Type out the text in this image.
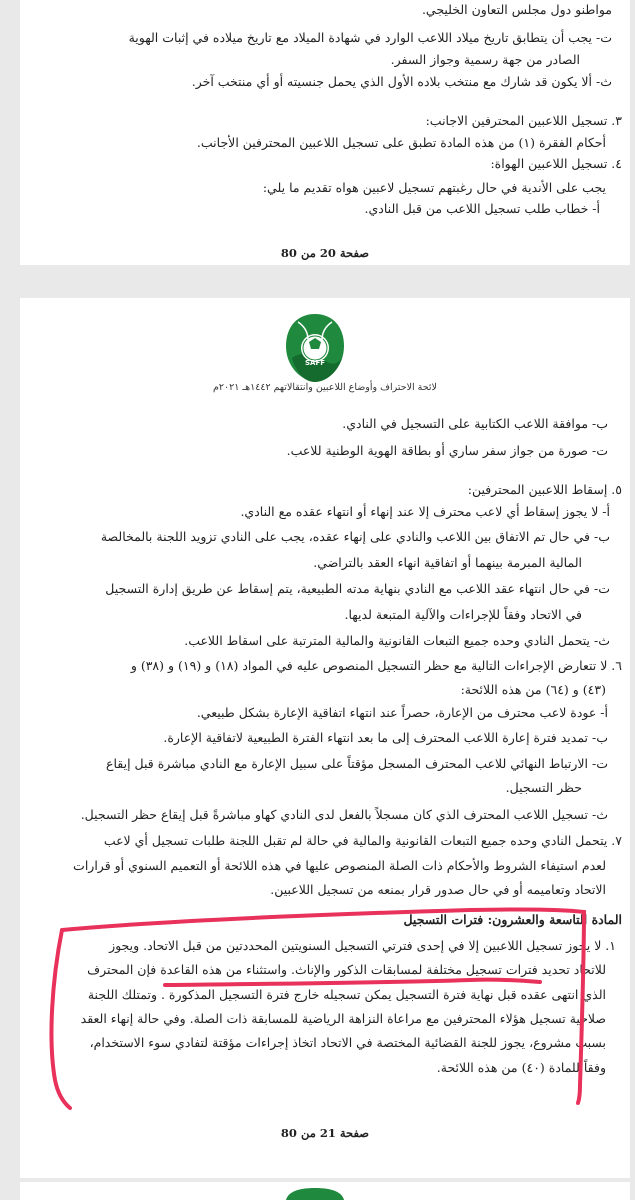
مواطنو دول مجلس التعاون الخليجي.
ت- يجب أن يتطابق تاريخ ميلاد اللاعب الوارد في شهادة الميلاد مع تاريخ ميلاده في إثبات الهوية
الصادر من جهة رسمية وجواز السفر.
ث- ألا يكون قد شارك مع منتخب بلاده الأول الذي يحمل جنسيته أو أي منتخب آخر.
٣. تسجيل اللاعبين المحترفين الاجانب:
أحكام الفقرة (١) من هذه المادة تطبق على تسجيل اللاعبين المحترفين الأجانب.
٤. تسجيل اللاعبين الهواة:
يجب على الأندية في حال رغبتهم تسجيل لاعبين هواه تقديم ما يلي:
أ- خطاب طلب تسجيل اللاعب من قبل النادي.
صفحة 20 من 80
SAFF
لائحة الاحتراف وأوضاع اللاعبين وانتقالاتهم ١٤٤٢هـ ٢٠٢١م
ب- موافقة اللاعب الكتابية على التسجيل في النادي.
ت- صورة من جواز سفر ساري أو بطاقة الهوية الوطنية للاعب.
٥. إسقاط اللاعبين المحترفين:
أ- لا يجوز إسقاط أي لاعب محترف إلا عند إنهاء أو انتهاء عقده مع النادي.
ب- في حال تم الاتفاق بين اللاعب والنادي على إنهاء عقده، يجب على النادي تزويد اللجنة بالمخالصة
المالية المبرمة بينهما أو اتفاقية انهاء العقد بالتراضي.
ت- في حال انتهاء عقد اللاعب مع النادي بنهاية مدته الطبيعية، يتم إسقاط عن طريق إدارة التسجيل
في الاتحاد وفقاً للإجراءات والآلية المتبعة لديها.
ث- يتحمل النادي وحده جميع التبعات القانونية والمالية المترتبة على اسقاط اللاعب.
٦. لا تتعارض الإجراءات التالية مع حظر التسجيل المنصوص عليه في المواد (١٨) و (١٩) و (٣٨) و
(٤٣) و (٦٤) من هذه اللائحة:
أ- عودة لاعب محترف من الإعارة، حصراً عند انتهاء اتفاقية الإعارة بشكل طبيعي.
ب- تمديد فترة إعارة اللاعب المحترف إلى ما بعد انتهاء الفترة الطبيعية لاتفاقية الإعارة.
ت- الارتباط النهائي للاعب المحترف المسجل مؤقتاً على سبيل الإعارة مع النادي مباشرة قبل إيقاع
حظر التسجيل.
ث- تسجيل اللاعب المحترف الذي كان مسجلاً بالفعل لدى النادي كهاو مباشرةً قبل إيقاع حظر التسجيل.
٧. يتحمل النادي وحده جميع التبعات القانونية والمالية في حالة لم تقبل اللجنة طلبات تسجيل أي لاعب
لعدم استيفاء الشروط والأحكام ذات الصلة المنصوص عليها في هذه اللائحة أو التعميم السنوي أو قرارات
الاتحاد وتعاميمه أو في حال صدور قرار بمنعه من تسجيل اللاعبين.
المادة التاسعة والعشرون: فترات التسجيل
١. لا يجوز تسجيل اللاعبين إلا في إحدى فترتي التسجيل السنويتين المحددتين من قبل الاتحاد. ويجوز
للاتحاد تحديد فترات تسجيل مختلفة لمسابقات الذكور والإناث. واستثناء من هذه القاعدة فإن المحترف
الذي انتهى عقده قبل نهاية فترة التسجيل يمكن تسجيله خارج فترة التسجيل المذكورة . وتمتلك اللجنة
صلاحية تسجيل هؤلاء المحترفين مع مراعاة النزاهة الرياضية للمسابقة ذات الصلة. وفي حالة إنهاء العقد
بسبب مشروع، يجوز للجنة القضائية المختصة في الاتحاد اتخاذ إجراءات مؤقتة لتفادي سوء الاستخدام،
وفقاً للمادة (٤٠) من هذه اللائحة.
صفحة 21 من 80
